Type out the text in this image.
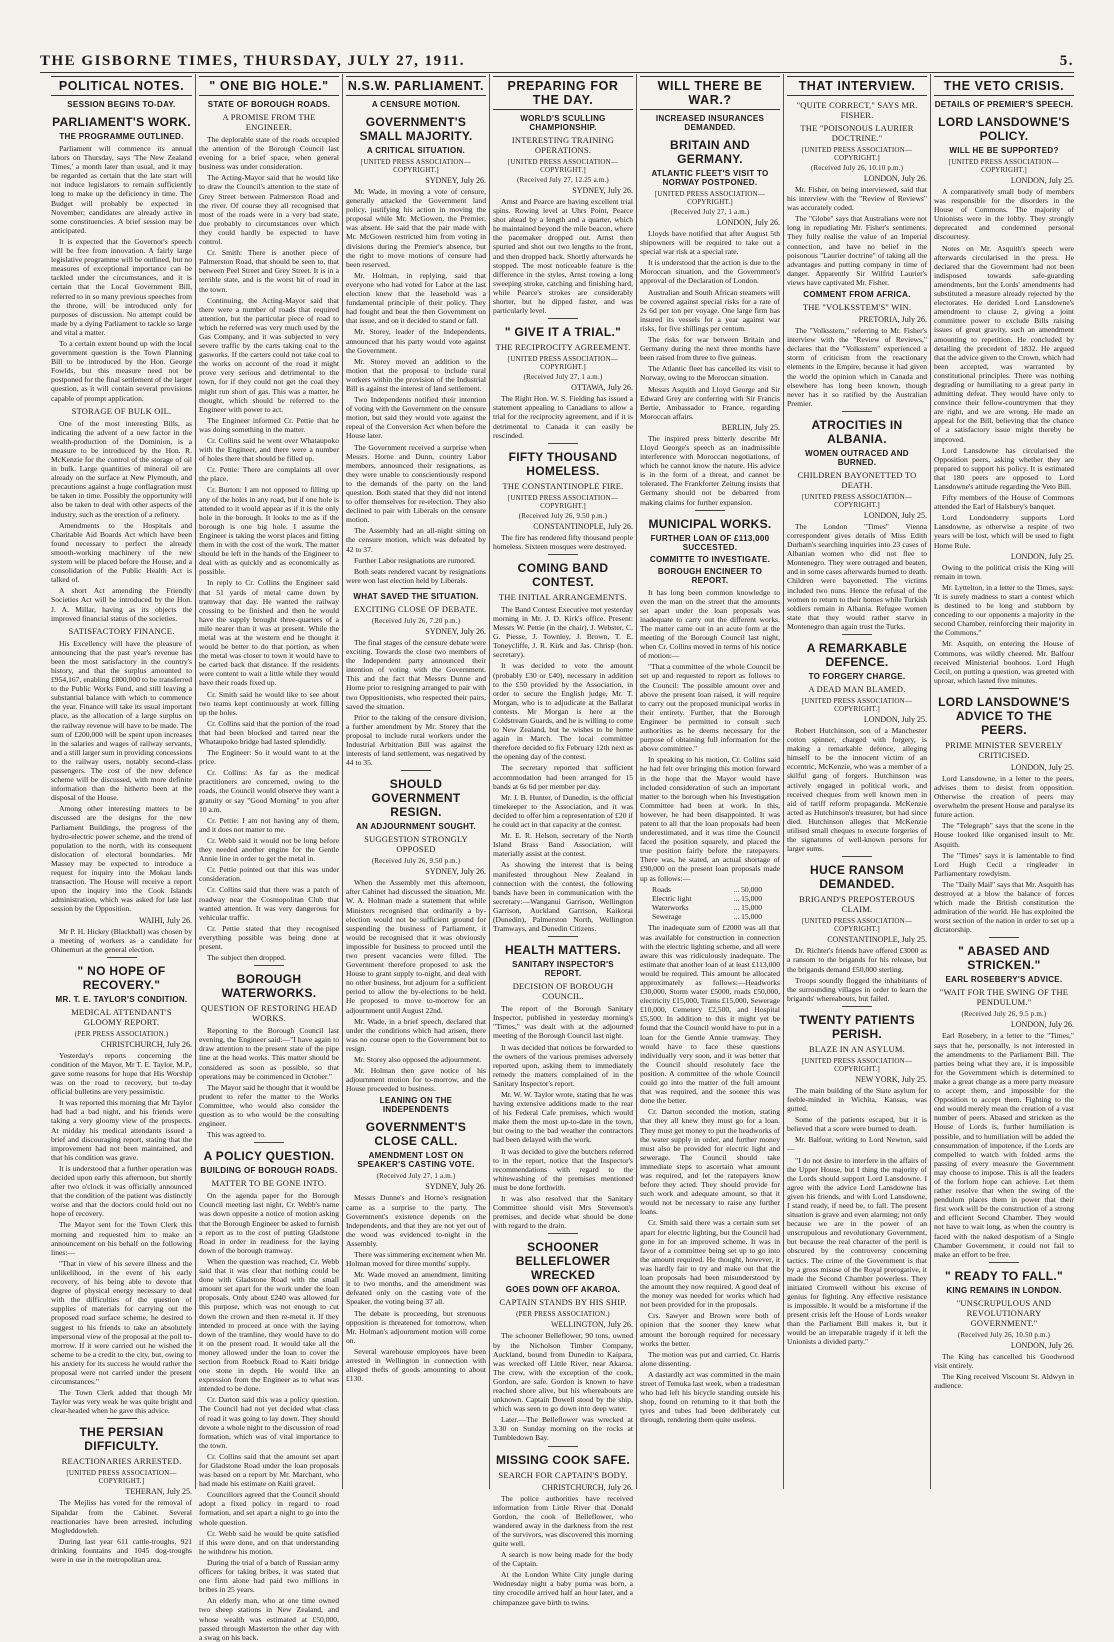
THE GISBORNE TIMES, THURSDAY, JULY 27, 1911.	5.
POLITICAL NOTES.
SESSION BEGINS TO-DAY.
PARLIAMENT'S WORK.
THE PROGRAMME OUTLINED.

Parliament will commence its annual labors on Thursday, says 'The New Zealand Times,' a month later than usual, and it may be regarded as certain that the late start will not induce legislators to remain sufficiently long to make up the deficiency in time. The Budget will probably be expected in November; candidates are already active in some constituencies. A brief session may be anticipated.

It is expected that the Governor's speech will be free from innovation. A fairly large legislative programme will be outlined, but no measures of exceptional importance can be tackled under the circumstances, and it is certain that the Local Government Bill, referred to in so many previous speeches from the throne, will be introduced only for purposes of discussion. No attempt could be made by a dying Parliament to tackle so large and vital a matter.

To a certain extent bound up with the local government question is the Town Planning Bill to be introduced by the Hon. George Fowlds, but this measure need not be postponed for the final settlement of the larger question, as it will contain several provisions capable of prompt application.

STORAGE OF BULK OIL.

One of the most interesting Bills, as indicating the advent of a new factor in the wealth-production of the Dominion, is a measure to be introduced by the Hon. R. McKenzie for the control of the storage of oil in bulk. Large quantities of mineral oil are already on the surface at New Plymouth, and precautions against a huge conflagration must be taken in time. Possibly the opportunity will also be taken to deal with other aspects of the industry, such as the erection of a refinery.

Amendments to the Hospitals and Charitable Aid Boards Act which have been found necessary to perfect the already smooth-working machinery of the new system will be placed before the House, and a consolidation of the Public Health Act is talked of.

A short Act amending the Friendly Societies Act will be introduced by the Hon. J. A. Millar, having as its objects the improved financial status of the societies.

SATISFACTORY FINANCE.

His Excellency will have the pleasure of announcing that the past year's revenue has been the most satisfactory in the country's history, and that the surplus amounted to £954,167, enabling £800,000 to be transferred to the Public Works Fund, and still leaving a substantial balance with which to commence the year. Finance will take its usual important place, as the allocation of a large surplus on the railway revenue will have to be made. The sum of £200,000 will be spent upon increases in the salaries and wages of railway servants, and a still larger sum in providing concessions to the railway users, notably second-class passengers. The cost of the new defence scheme will be discussed, with more definite information than the hitherto been at the disposal of the House.

Among other interesting matters to be discussed are the designs for the new Parliament Buildings, the progress of the hydro-electric power scheme, and the trend of population to the north, with its consequent dislocation of electoral boundaries. Mr Massey may be expected to introduce a request for inquiry into the Mokau lands transaction. The House will receive a report upon the inquiry into the Cook Islands administration, which was asked for late last session by the Opposition.

WAIHI, July 26.

Mr P. H. Hickey (Blackball) was chosen by a meeting of workers as a candidate for Ohinemuri at the general election.

" NO HOPE OF RECOVERY."
MR. T. E. TAYLOR'S CONDITION.
MEDICAL ATTENDANT'S GLOOMY REPORT.
(PER PRESS ASSOCIATION.)
CHRISTCHURCH, July 26.

Yesterday's reports concerning the condition of the Mayor, Mr T. E. Taylor, M.P., gave some reasons for hope that His Worship was on the road to recovery, but to-day official bulletins are very pessimistic.

It was reported this morning that Mr Taylor had had a bad night, and his friends were taking a very gloomy view of the prospects. At midday his medical attendants issued a brief and discouraging report, stating that the improvement had not been maintained, and that his condition was grave.

It is understood that a further operation was decided upon early this afternoon, but shortly after two o'clock it was officially announced that the condition of the patient was distinctly worse and that the doctors could hold out no hope of recovery.

The Mayor sent for the Town Clerk this morning and requested him to make an announcement on his behalf on the following lines:—

"That in view of his severe illness and the unlikelihood, in the event of his early recovery, of his being able to devote that degree of physical energy necessary to deal with the difficulties of the question of supplies of materials for carrying out the proposed road surface scheme, he desired to suggest to his friends to take an absolutely impersonal view of the proposal at the poll to-morrow. If it were carried out he wished the scheme to be a credit to the city, but, owing to his anxiety for its success he would rather the proposal were not carried under the present circumstances."

The Town Clerk added that though Mr Taylor was very weak he was quite bright and clear-headed when he gave this advice.

THE PERSIAN DIFFICULTY.
REACTIONARIES ARRESTED.
[UNITED PRESS ASSOCIATION—COPYRIGHT.]
TEHERAN, July 25.

The Mejliss has voted for the removal of Sipahdar from the Cabinet. Several reactionaries have been arrested, including Mogleddowleh.

During last year 611 cattle-troughs, 921 drinking fountains and 1045 dog-troughs were in use in the metropolitan area.

" ONE BIG HOLE."
STATE OF BOROUGH ROADS.
A PROMISE FROM THE ENGINEER.

The deplorable state of the roads occupied the attention of the Borough Council last evening for a brief space, when general business was under consideration.

The Acting-Mayor said that he would like to draw the Council's attention to the state of Grey Street between Palmerston Road and the river. Of course they all recognised that most of the roads were in a very bad state, due probably to circumstances over which they could hardly be expected to have control.

Cr. Smith: There is another piece of Palmerston Road, that should be seen to, that between Peel Street and Grey Street. It is in a terrible state, and is the worst bit of road in the town.

Continuing, the Acting-Mayor said that there were a number of roads that required attention, but the particular piece of road to which he referred was very much used by the Gas Company, and it was subjected to very severe traffic by the carts taking coal to the gasworks. If the carters could not take coal to the works on account of the road it might prove very serious and detrimental to the town, for if they could not get the coal they might run short of gas. This was a matter, he thought, which should be referred to the Engineer with power to act.

The Engineer informed Cr. Pettie that he was doing something in the matter.

Cr. Collins said he went over Whataupoko with the Engineer, and there were a number of holes there that should be filled up.

Cr. Pettie: There are complaints all over the place.

Cr. Burton: I am not opposed to filling up any of the holes in any road, but if one hole is attended to it would appear as if it is the only hole in the borough. It looks to me as if the borough is one big hole. I assume the Engineer is taking the worst places and fitting them in with the cost of the work. The matter should be left in the hands of the Engineer to deal with as quickly and as economically as possible.

In reply to Cr. Collins the Engineer said that 51 yards of metal came down by tramway that day. He wanted the railway crossing to be finished and then he would have the supply brought three-quarters of a mile nearer than it was at present. While the metal was at the western end he thought it would be better to do that portion, as when the metal was closer to town it would have to be carted back that distance. If the residents were content to wait a little while they would have their roads fixed up.

Cr. Smith said he would like to see about two teams kept continuously at work filling up the holes.

Cr. Collins said that the portion of the road that had been blocked and tarred near the Whataupoko bridge had lasted splendidly.

The Engineer: So it would want to at the price.

Cr. Collins: As far as the medical practitioners are concerned, owing to the roads, the Council would observe they want a gratuity or say "Good Morning" to you after 10 a.m.

Cr. Pettie: I am not having any of them, and it does not matter to me.

Cr. Webb said it would not be long before they needed another engine for the Gentle Annie line in order to get the metal in.

Cr. Pettie pointed out that this was under consideration.

Cr. Collins said that there was a patch of roadway near the Cosmopolitan Club that wanted attention. It was very dangerous for vehicular traffic.

Cr. Pettie stated that they recognised everything possible was being done at present.

The subject then dropped.

BOROUGH WATERWORKS.
QUESTION OF RESTORING HEAD WORKS.

Reporting to the Borough Council last evening, the Engineer said:—"I have again to draw attention to the present state of the pipe line at the head works. This matter should be considered as soon as possible, so that operations may be commenced in October."

The Mayor said he thought that it would be prudent to refer the matter to the Works Committee, who would also consider the question as to who would be the consulting engineer.

This was agreed to.

A POLICY QUESTION.
BUILDING OF BOROUGH ROADS.
MATTER TO BE GONE INTO.

On the agenda paper for the Borough Council meeting last night, Cr. Webb's name was down opposite a notice of motion asking that the Borough Engineer be asked to furnish a report as to the cost of putting Gladstone Road in order in readiness for the laying down of the borough tramway.

When the question was reached, Cr. Webb said that it was clear that nothing could be done with Gladstone Road with the small amount set apart for the work under the loan proposals. Only about £240 was allowed for this purpose, which was not enough to cut down the crown and then re-metal it. If they intended to proceed at once with the laying down of the tramline, they would have to do it on the present road. It would take all the money allowed under the loan to cover the section from Roebuck Road to Kaiti bridge one stone in depth. He would like an expression from the Engineer as to what was intended to be done.

Cr. Darton said this was a policy question. The Council had not yet decided what class of road it was going to lay down. They should devote a whole night to the discussion of road formation, which was of vital importance to the town.

Cr. Collins said that the amount set apart for Gladstone Road under the loan proposals was based on a report by Mr. Marchant, who had made his estimate on Kaiti gravel.

Councillors agreed that the Council should adopt a fixed policy in regard to road formation, and set apart a night to go into the whole question.

Cr. Webb said he would be quite satisfied if this were done, and on that understanding he withdrew his motion.

During the trial of a batch of Russian army officers for taking bribes, it was stated that one firm alone had paid two millions in bribes in 25 years.

An elderly man, who at one time owned two sheep stations in New Zealand, and whose wealth was estimated at £50,000, passed through Masterton the other day with a swag on his back.

N.S.W. PARLIAMENT.
A CENSURE MOTION.
GOVERNMENT'S SMALL MAJORITY.
A CRITICAL SITUATION.
[UNITED PRESS ASSOCIATION—COPYRIGHT.]
SYDNEY, July 26.

Mr. Wade, in moving a vote of censure, generally attacked the Government land policy, justifying his action in moving the proposal while Mr. McGowen, the Premier, was absent. He said that the pair made with Mr. McGowen restricted him from voting in divisions during the Premier's absence, but the right to move motions of censure had been reserved.

Mr. Holman, in replying, said that everyone who had voted for Labor at the last election knew that the leasehold was a fundamental principle of their policy. They had fought and beat the then Government on that issue, and on it decided to stand or fall.

Mr. Storey, leader of the Independents, announced that his party would vote against the Government.

Mr. Storey moved an addition to the motion that the proposal to include rural workers within the provision of the Industrial Bill is against the interest of land settlement.

Two Independents notified their intention of voting with the Government on the censure motion, but said they would vote against the repeal of the Conversion Act when before the House later.

The Government received a surprise when Messrs. Horne and Dunn, country Labor members, announced their resignations, as they were unable to conscientiously respond to the demands of the party on the land question. Both stated that they did not intend to offer themselves for re-election. They also declined to pair with Liberals on the censure motion.

The Assembly had an all-night sitting on the censure motion, which was defeated by 42 to 37.

Further Labor resignations are rumored.

Both seats rendered vacant by resignations were won last election held by Liberals.

WHAT SAVED THE SITUATION.
EXCITING CLOSE OF DEBATE.
(Received July 26, 7.20 p.m.)
SYDNEY, July 26.

The final stages of the censure debate were exciting. Towards the close two members of the Independent party announced their intention of voting with the Government. This and the fact that Messrs Dunne and Horne prior to resigning arranged to pair with two Oppositionists, who respected their pairs, saved the situation.

Prior to the taking of the censure division, a further amendment by Mr. Storey that the proposal to include rural workers under the Industrial Arbitration Bill was against the interests of land settlement, was negatived by 44 to 35.

SHOULD GOVERNMENT RESIGN.
AN ADJOURNMENT SOUGHT.
SUGGESTION STRONGLY OPPOSED
(Received July 26, 9.50 p.m.)
SYDNEY, July 26.

When the Assembly met this afternoon, after Cabinet had discussed the situation, Mr. W. A. Holman made a statement that while Ministers recognised that ordinarily a by-election would not be sufficient ground for suspending the business of Parliament, it would be recognised that it was obviously impossible for business to proceed until the two present vacancies were filled. The Government therefore proposed to ask the House to grant supply to-night, and deal with no other business, but adjourn for a sufficient period to allow the by-elections to be held. He proposed to move to-morrow for an adjournment until August 22nd.

Mr. Wade, in a brief speech, declared that under the conditions which had arisen, there was no course open to the Government but to resign.

Mr. Storey also opposed the adjournment.

Mr. Holman then gave notice of his adjournment motion for to-morrow, and the House proceeded to business.

LEANING ON THE INDEPENDENTS
GOVERNMENT'S CLOSE CALL.
AMENDMENT LOST ON SPEAKER'S CASTING VOTE.
(Received July 27, 1 a.m.)
SYDNEY, July 26.

Messrs Dunne's and Horne's resignation came as a surprise to the party. The Government's existence depends on the Independents, and that they are not yet out of the wood was evidenced to-night in the Assembly.

There was simmering excitement when Mr. Holman moved for three months' supply.

Mr. Wade moved an amendment, limiting it to two months, and the amendment was defeated only on the casting vote of the Speaker, the voting being 37 all.

The debate is proceeding, but strenuous opposition is threatened for tomorrow, when Mr. Holman's adjournment motion will come on.

Several warehouse employees have been arrested in Wellington in connection with alleged thefts of goods amounting to about £130.

PREPARING FOR THE DAY.
WORLD'S SCULLING CHAMPIONSHIP.
INTERESTING TRAINING OPERATIONS.
[UNITED PRESS ASSOCIATION—COPYRIGHT.]
(Received July 27, 12.25 a.m.)
SYDNEY, July 26.

Arnst and Pearce are having excellent trial spins. Rowing level at Uhrs Point, Pearce shot ahead by a length and a quarter, which he maintained beyond the mile beacon, where the pacemaker dropped out. Arnst then spurted and shot out two lengths to the front, and then dropped back. Shortly afterwards he stopped. The most noticeable feature is the difference in the styles, Arnst rowing a long sweeping stroke, catching and finishing hard, while Pearce's strokes are considerably shorter, but he dipped faster, and was particularly level.

" GIVE IT A TRIAL."
THE RECIPROCITY AGREEMENT.
[UNITED PRESS ASSOCIATION—COPYRIGHT.]
(Received July 27, 1 a.m.)
OTTAWA, July 26.

The Right Hon. W. S. Fielding has issued a statement appealing to Canadians to allow a trial for the reciprocity agreement, and if it is detrimental to Canada it can easily be rescinded.

FIFTY THOUSAND HOMELESS.
THE CONSTANTINOPLE FIRE.
[UNITED PRESS ASSOCIATION—COPYRIGHT.]
(Received July 26, 9.50 p.m.)
CONSTANTINOPLE, July 26.

The fire has rendered fifty thousand people homeless. Sixteen mosques were destroyed.

COMING BAND CONTEST.
THE INITIAL ARRANGEMENTS.

The Band Contest Executive met yesterday morning in Mr. J. D. Kirk's office. Present: Messrs W. Pettie (in the chair), J. Webster, C. G. Piesse, J. Townley, J. Brown, T. E. Toneycliffe, J. R. Kirk and Jas. Chrisp (hon. secretary).

It was decided to vote the amount (probably £30 or £40), necessary in addition to the £50 provided by the Association, in order to secure the English judge, Mr. T. Morgan, who is to adjudicate at the Ballarat contests. Mr Morgan is here at the Coldstream Guards, and he is willing to come to New Zealand, but he wishes to be home again in March. The local committee therefore decided to fix February 12th next as the opening day of the contest.

The secretary reported that sufficient accommodation had been arranged for 15 bands at 6s 6d per member per day.

Mr. J. B. Hunter, of Dunedin, is the official timekeeper to the Association, and it was decided to offer him a representation of £20 if he could act in that capacity at the contest.

Mr. E. R. Helson, secretary of the North Island Brass Band Association, will materially assist at the contest.

As showing the interest that is being manifested throughout New Zealand in connection with the contest, the following bands have been in communication with the secretary:—Wanganui Garrison, Wellington Garrison, Auckland Garrison, Kaikorai (Dunedin), Palmerston North, Wellington Tramways, and Dunedin Citizens.

HEALTH MATTERS.
SANITARY INSPECTOR'S REPORT.
DECISION OF BOROUGH COUNCIL.

The report of the Borough Sanitary Inspector, published in yesterday morning's "Times," was dealt with at the adjourned meeting of the Borough Council last night.

It was decided that notices be forwarded to the owners of the various premises adversely reported upon, asking them to immediately remedy the matters complained of in the Sanitary Inspector's report.

Mr. W. W. Taylor wrote, stating that he was having extensive additions made to the rear of his Federal Cafe premises, which would make them the most up-to-date in the town, but owing to the bad weather the contractors had been delayed with the work.

It was decided to give the butchers referred to in the report, notice that the Inspector's recommendations with regard to the whitewashing of the premises mentioned must be done forthwith.

It was also resolved that the Sanitary Committee should visit Mrs Stevenson's premises, and decide what should be done with regard to the drain.

SCHOONER BELLEFLOWER WRECKED
GOES DOWN OFF AKAROA.
CAPTAIN STANDS BY HIS SHIP.
(PER PRESS ASSOCIATION.)
WELLINGTON, July 26.

The schooner Belleflower, 90 tons, owned by the Nicholson Timber Company, Auckland, bound from Dunedin to Kaipara, was wrecked off Little River, near Akaroa. The crew, with the exception of the cook, Gordon, are safe. Gordon is known to have reached shore alive, but his whereabouts are unknown. Captain Dowell stood by the ship, which was seen to go down into deep water.

Later.—The Belleflower was wrecked at 3.30 on Sunday morning on the rocks at Tumbledown Bay.

MISSING COOK SAFE.
SEARCH FOR CAPTAIN'S BODY.
CHRISTCHURCH, July 26.

The police authorities have received information from Little River that Donald Gordon, the cook of Belleflower, who wandered away in the darkness from the rest of the survivors, was discovered this morning quite well.

A search is now being made for the body of the Captain.

At the London White City jungle during Wednesday night a baby puma was born, a tiny crocodile arrived half an hour later, and a chimpanzee gave birth to twins.

WILL THERE BE WAR.?
INCREASED INSURANCES DEMANDED.
BRITAIN AND GERMANY.
ATLANTIC FLEET'S VISIT TO NORWAY POSTPONED.
[UNITED PRESS ASSOCIATION—COPYRIGHT.]
(Received July 27, 1 a.m.)
LONDON, July 26.

Lloyds have notified that after August 5th shipowners will be required to take out a special war risk at a special rate.

It is understood that the action is due to the Moroccan situation, and the Government's approval of the Declaration of London.

Australian and South African steamers will be covered against special risks for a rate of 2s 6d per ton per voyage. One large firm has insured its vessels for a year against war risks, for five shillings per centum.

The risks for war between Britain and Germany during the next three months have been raised from three to five guineas.

The Atlantic fleet has cancelled its visit to Norway, owing to the Moroccan situation.

Messrs Asquith and Lloyd George and Sir Edward Grey are conferring with Sir Francis Bertie, Ambassador to France, regarding Moroccan affairs.

BERLIN, July 25.

The inspired press bitterly describe Mr Lloyd George's speech as an inadmissible interference with Moroccan negotiations, of which he cannot know the nature. His advice is in the form of a threat, and cannot be tolerated. The Frankforter Zeitung insists that Germany should not be debarred from making claims for further expansion.

MUNICIPAL WORKS.
FURTHER LOAN OF £113,000 SUCCESTED.
COMMITTE TO INVESTIGATE.
BOROUGH ENCINEER TO REPORT.

It has long been common knowledge to even the man on the street that the amounts set apart under the loan proposals was inadequate to carry out the different works. The matter came out in an acute form at the meeting of the Borough Council last night, when Cr. Collins moved in terms of his notice of motion:—

"That a committee of the whole Council be set up and requested to report as follows to the Council: The possible amount over and above the present loan raised, it will require to carry out the proposed municipal works in their entirety. Further, that the Borough Engineer be permitted to consult such authorities as he deems necessary for the purpose of obtaining full information for the above committee."

In speaking to his motion, Cr. Collins said he had felt over bringing this motion forward in the hope that the Mayor would have included consideration of such an important matter to the borough when his Investigation Committee had been at work. In this, however, he had been disappointed. It was patent to all that the loan proposals had been underestimated, and it was time the Council faced the position squarely, and placed the true position fairly before the ratepayers. There was, he stated, an actual shortage of £90,000 on the present loan proposals made up as follows:—

Roads	... 50,000
Electric light	... 15,000
Waterworks	... 15,000
Sewerage	... 15,000

The inadequate sum of £2000 was all that was available for construction in connection with the electric lighting scheme, and all were aware this was ridiculously inadequate. The estimate that another loan of at least £113,000 would be required. This amount he allocated approximately as follows:—Headworks £30,000, Storm water £5000, roads £50,000, electricity £15,000, Trams £15,000, Sewerage £10,000, Cemetery £2,500, and Hospital £5,500. In addition to this it might yet be found that the Council would have to put in a loan for the Gentle Annie tramway. They would have to face these questions individually very soon, and it was better that the Council should resolutely face the position. A committee of the whole Council could go into the matter of the full amount that was required, and the sooner this was done the better.

Cr. Darton seconded the motion, stating that they all knew they must go for a loan. They must get money to put the headworks of the water supply in order, and further money must also be provided for electric light and sewerage. The Council should take immediate steps to ascertain what amount was required, and let the ratepayers know before they acted. They should provide for such work and adequate amount, so that it would not be necessary to raise any further loans.

Cr. Smith said there was a certain sum set apart for electric lighting, but the Council had gone in for an improved scheme. It was in favor of a committee being set up to go into the amount required. He thought, however, it was hardly fair to try and make out that the loan proposals had been misunderstood by the amount they now required. A good deal of the money was needed for works which had not been provided for in the proposals.

Crs. Sawyer and Brown were both of opinion that the sooner they knew what amount the borough required for necessary works the better.

The motion was put and carried, Cr. Harris alone dissenting.

A dastardly act was committed in the main street of Temuka last week, when a tradesman who had left his bicycle standing outside his shop, found on returning to it that both the tyres and tubes had been deliberately cut through, rendering them quite useless.

THAT INTERVIEW.
"QUITE CORRECT," SAYS MR. FISHER.
THE "POISONOUS LAURIER DOCTRINE."
[UNITED PRESS ASSOCIATION—COPYRIGHT.]
(Received July 26, 10.10 p.m.)
LONDON, July 26.

Mr. Fisher, on being interviewed, said that his interview with the "Review of Reviews" was accurately coded.

The "Globe" says that Australians were not long in repudiating Mr. Fisher's sentiments. They fully realise the value of an Imperial connection, and have no belief in the poisonous "Laurier doctrine" of taking all the advantages and putting company in time of danger. Apparently Sir Wilfrid Laurier's views have captivated Mr. Fisher.

COMMENT FROM AFRICA.
THE "VOLKSSTEM'S" WIN.
PRETORIA, July 26.

The "Volksstem," referring to Mr. Fisher's interview with the "Review of Reviews," declares that the "Volksstem" experienced a storm of criticism from the reactionary elements in the Empire, because it had given the world the opinion which in Canada and elsewhere has long been known, though never has it so ratified by the Australian Premier.

ATROCITIES IN ALBANIA.
WOMEN OUTRACED AND BURNED.
CHILDREN BAYONETTED TO DEATH.
[UNITED PRESS ASSOCIATION—COPYRIGHT.]
LONDON, July 25.

The London "Times" Vienna correspondent gives details of Miss Edith Durham's searching inquiries into 23 cases of Albanian women who did not flee to Montenegro. They were outraged and beaten, and in some cases afterwards burned to death. Children were bayonetted. The victims included two nuns. Hence the refusal of the women to return to their homes while Turkish soldiers remain in Albania. Refugee women state that they would rather starve in Montenegro than again trust the Turks.

A REMARKABLE DEFENCE.
TO FORGERY CHARGE.
A DEAD MAN BLAMED.
[UNITED PRESS ASSOCIATION—COPYRIGHT.]
LONDON, July 25.

Robert Hutchinson, son of a Manchester cotton spinner, charged with forgery, is making a remarkable defence, alleging himself to be the innocent victim of an eccentric, McKenzie, who was a member of a skilful gang of forgers. Hutchinson was actively engaged in political work, and received cheques from well known men in aid of tariff reform propaganda. McKenzie acted as Hutchinson's treasurer, but had since died. Hutchinson alleges that McKenzie utilised small cheques to execute forgeries of the signatures of well-known persons for larger sums.

HUCE RANSOM DEMANDED.
BRIGAND'S PREPOSTEROUS CLAIM.
[UNITED PRESS ASSOCIATION—COPYRIGHT.]
CONSTANTINOPLE, July 25.

Dr. Richter's friends have offered £3000 as a ransom to the brigands for his release, but the brigands demand £50,000 sterling.

Troops soundly flogged the inhabitants of the surrounding villages in order to learn the brigands' whereabouts, but failed.

TWENTY PATIENTS PERISH.
BLAZE IN AN ASYLUM.
[UNITED PRESS ASSOCIATION—COPYRIGHT.]
NEW YORK, July 25.

The main building of the State asylum for feeble-minded in Wichita, Kansas, was gutted.

Some of the patients escaped, but it is believed that a score were burned to death.

Mr. Balfour, writing to Lord Newton, said—

"I do not desire to interfere in the affairs of the Upper House, but I thing the majority of the Lords should support Lord Lansdowne. I agree with the advice Lord Lansdowne has given his friends, and with Lord Lansdowne, I stand ready, if need be, to fall. The present situation is grave and even alarming; not only because we are in the power of an unscrupulous and revolutionary Government, but because the real character of the peril is obscured by the controversy concerning tactics. The crime of the Government is that by a gross misuse of the Royal prerogative, it made the Second Chamber powerless. They initiated Cromwell without his excuse of genius for fighting. Any effective resistance is impossible. It would be a misfortune if the present crisis left the House of Lords weaker than the Parliament Bill makes it, but it would be an irreparable tragedy if it left the Unionists a divided party."

THE VETO CRISIS.
DETAILS OF PREMIER'S SPEECH.
LORD LANSDOWNE'S POLICY.
WILL HE BE SUPPORTED?
[UNITED PRESS ASSOCIATION—COPYRIGHT.]
LONDON, July 25.

A comparatively small body of members was responsible for the disorders in the House of Commons. The majority of Unionists were in the lobby. They strongly deprecated and condemned personal discourtesy.

Notes on Mr. Asquith's speech were afterwards circularised in the press. He declared that the Government had not been indisposed towards safe-guarding amendments, but the Lords' amendments had substituted a measure already rejected by the electorates. He derided Lord Lansdowne's amendment to clause 2, giving a joint committee power to exclude Bills raising issues of great gravity, such an amendment amounting to repetition. He concluded by detailing the precedent of 1832. He argued that the advice given to the Crown, which had been accepted, was warranted by constitutional principles. There was nothing degrading or humiliating to a great party in admitting defeat. They would have only to convince their fellow-countrymen that they are right, and we are wrong. He made an appeal for the Bill, believing that the chance of a satisfactory issue might thereby be improved.

Lord Lansdowne has circularised the Opposition peers, asking whether they are prepared to support his policy. It is estimated that 180 peers are opposed to Lord Lansdowne's attitude regarding the Veto Bill.

Fifty members of the House of Commons attended the Earl of Halsbury's banquet.

Lord Londonderry supports Lord Lansdowne, as otherwise a respite of two years will be lost, which will be used to fight Home Rule.

LONDON, July 25.

Owing to the political crisis the King will remain in town.

Mr. Lyttelton, in a letter to the Times, says: 'It is surely madness to start a contest which is destined to be long and stubborn by conceding to our opponents a majority in the second Chamber, reinforcing their majority in the Commons."

Mr. Asquith, on entering the House of Commons, was wildly cheered. Mr. Balfour received Ministerial boohoos. Lord Hugh Cecil, on putting a question, was greeted with uproar, which lasted five minutes.

LORD LANSDOWNE'S ADVICE TO THE PEERS.
PRIME MINISTER SEVERELY CRITICISED.
LONDON, July 25.

Lord Lansdowne, in a letter to the peers, advises them to desist from opposition. Otherwise the creation of peers may overwhelm the present House and paralyse its future action.

The "Telegraph" says that the scene in the House looked like organised insult to Mr. Asquith.

The "Times" says it is lamentable to find Lord Hugh Cecil a ringleader in Parliamentary rowdyism.

The "Daily Mail" says that Mr. Asquith has destroyed at a blow the balance of forces which made the British constitution the admiration of the world. He has exploited the worst section of the nation in order to set up a dictatorship.

" ABASED AND STRICKEN."
EARL ROSEBERY'S ADVICE.
"WAIT FOR THE SWING OF THE PENDULUM."
(Received July 26, 9.5 p.m.)
LONDON, July 26.

Earl Rosebery, in a letter to the "Times," says that he, personally, is not interested in the amendments to the Parliament Bill. The parties being what they are, it is impossible for the Government which is determined to make a great change as a mere party measure to accept them, and impossible for the Opposition to accept them. Fighting to the end would merely mean the creation of a vast number of peers. Abased and stricken as the House of Lords is, further humiliation is possible, and to humiliation will be added the consummation of impotence, if the Lords are compelled to watch with folded arms the passing of every measure the Government may choose to impose. This is all the leaders of the forlorn hope can achieve. Let them rather resolve that when the swing of the pendulum places them in power that their first work will be the construction of a strong and efficient Second Chamber. They would not have to wait long, as when the country is faced with the naked despotism of a Single Chamber Government, it could not fail to make an effort to be free.

" READY TO FALL."
KING REMAINS IN LONDON.
"UNSCRUPULOUS AND REVOLUTIONARY GOVERNMENT."
(Received July 26, 10.50 p.m.)
LONDON, July 26.

The King has cancelled his Goodwood visit entirely.

The King received Viscount St. Aldwyn in audience.
